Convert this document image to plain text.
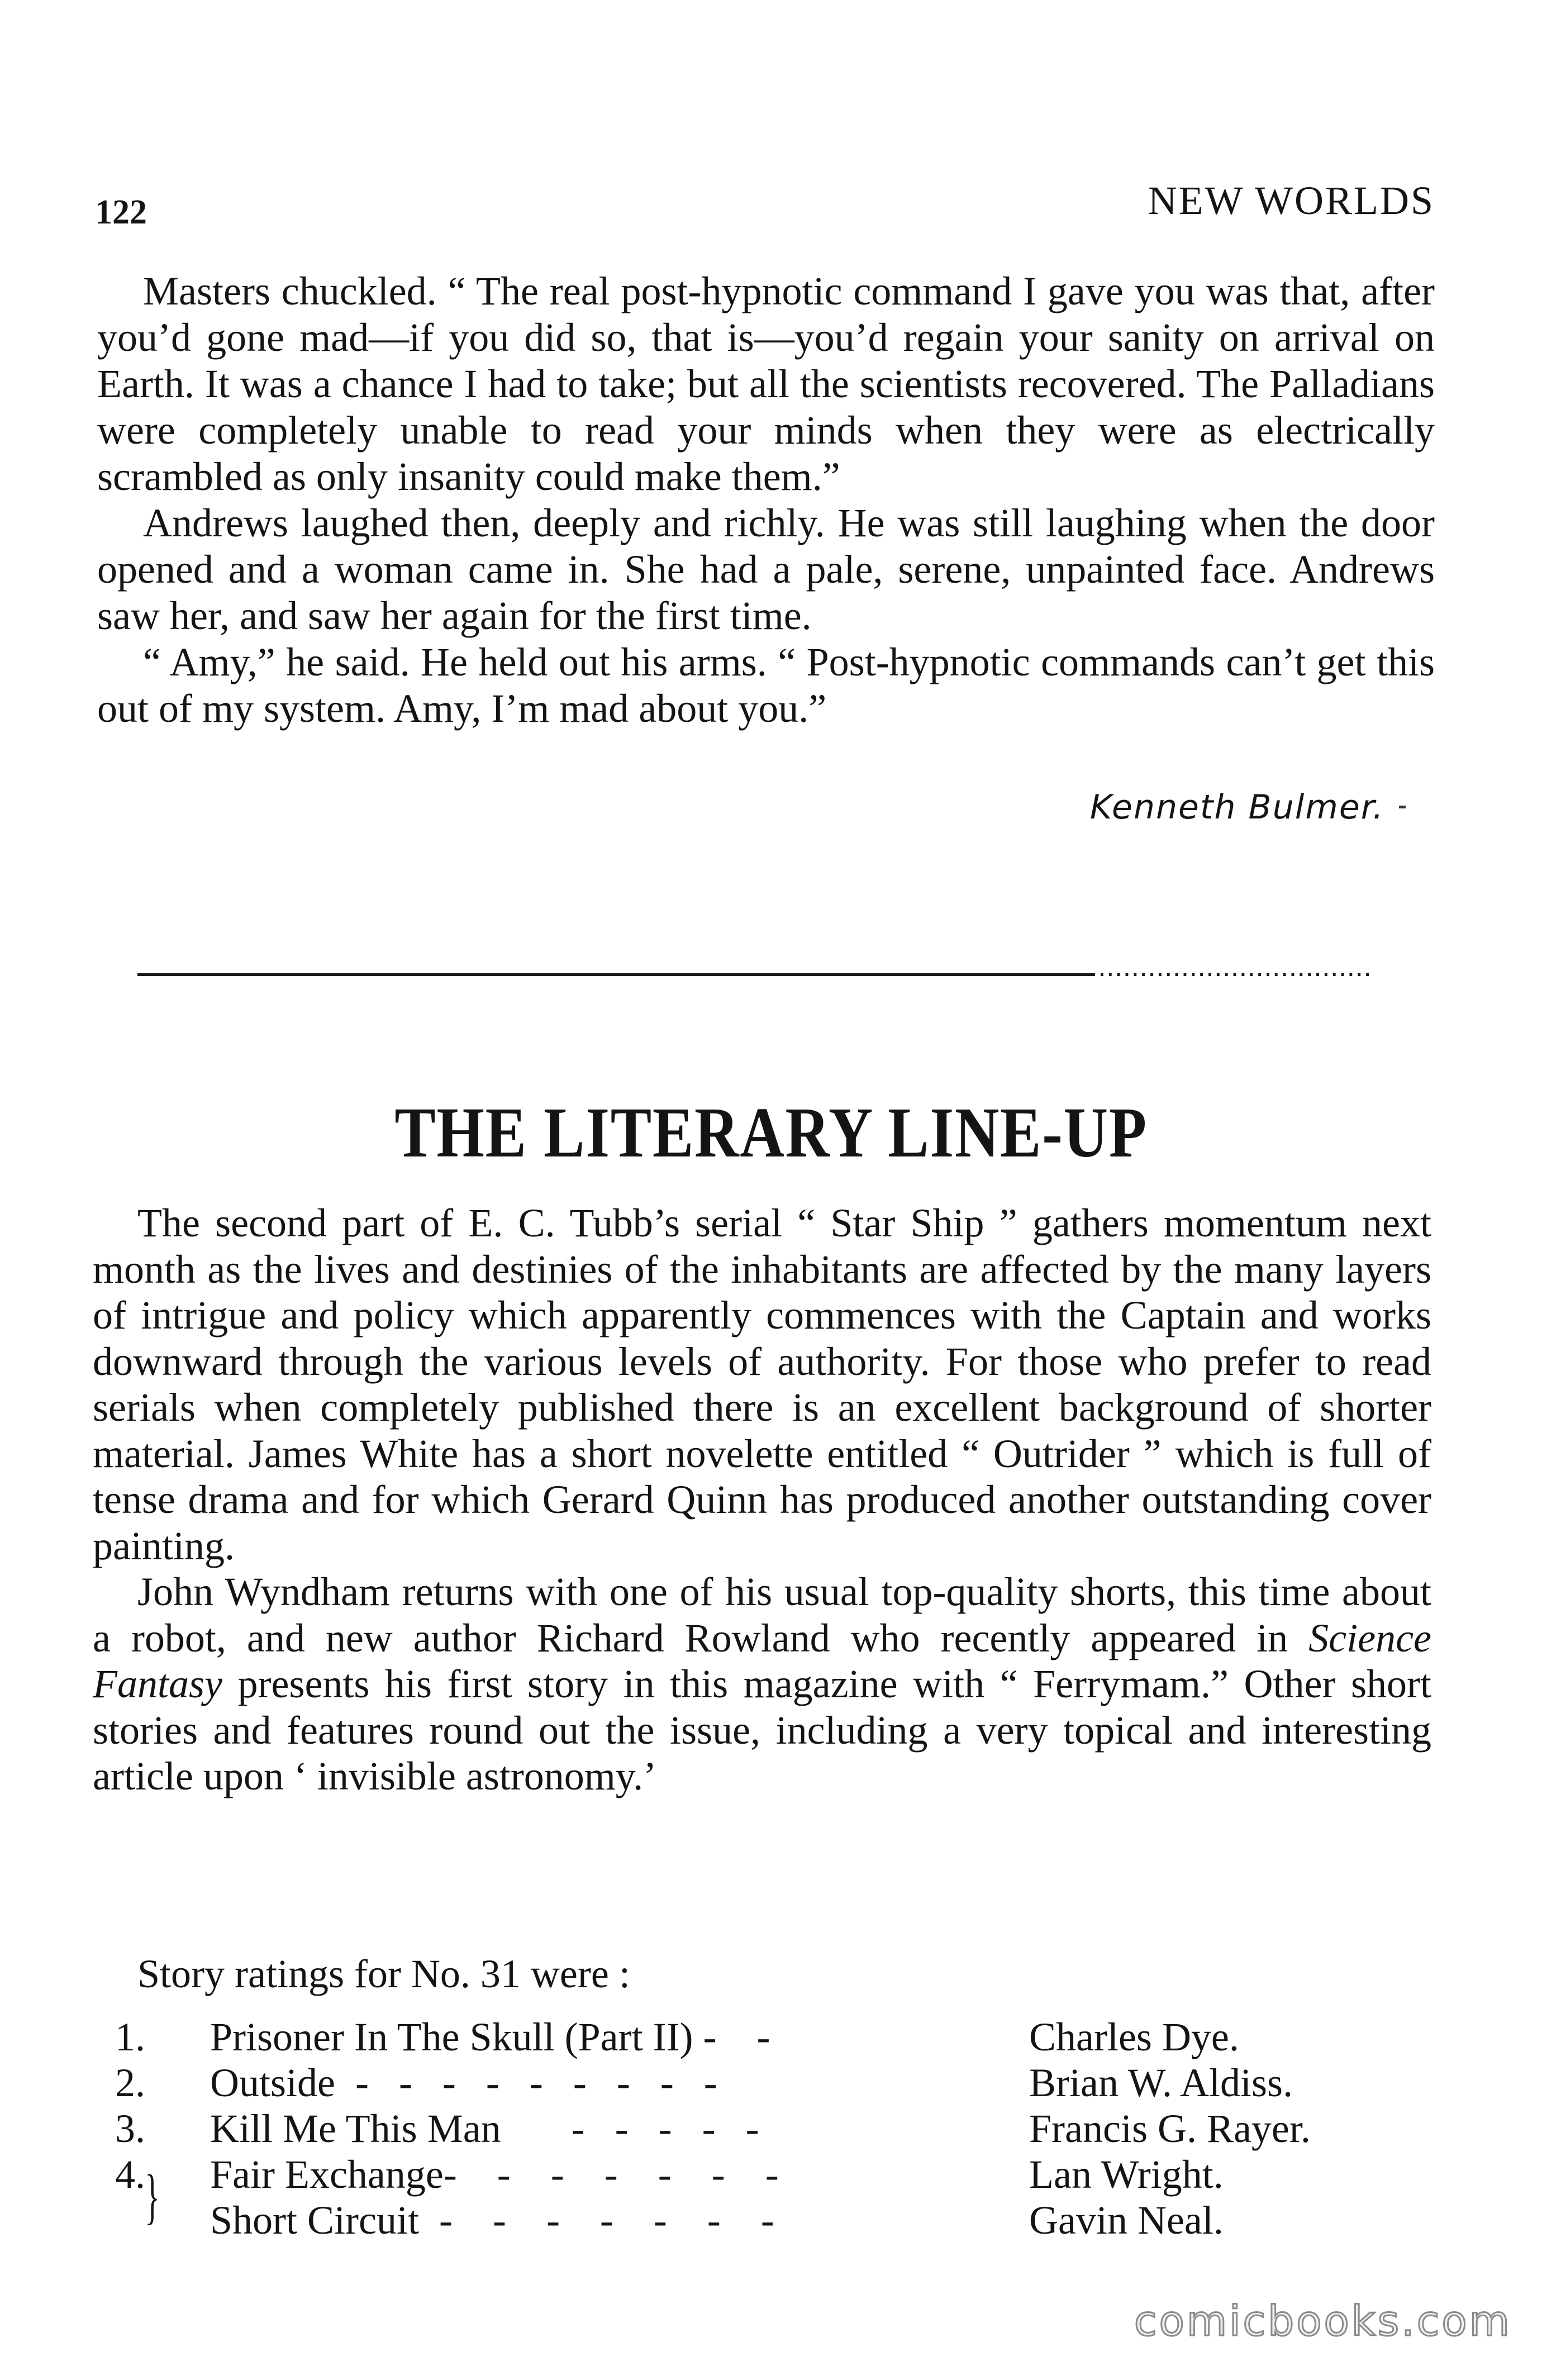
122	NEW WORLDS

Masters chuckled. “ The real post-hypnotic command I gave you was that, after you’d gone mad—if you did so, that is—you’d regain your sanity on arrival on Earth. It was a chance I had to take; but all the scientists recovered. The Palladians were completely unable to read your minds when they were as electrically scrambled as only insanity could make them.”

Andrews laughed then, deeply and richly. He was still laughing when the door opened and a woman came in. She had a pale, serene, unpainted face. Andrews saw her, and saw her again for the first time.

“ Amy,” he said. He held out his arms. “ Post-hypnotic commands can’t get this out of my system. Amy, I’m mad about you.”

Kenneth Bulmer.
THE LITERARY LINE-UP

The second part of E. C. Tubb’s serial “ Star Ship ” gathers momentum next month as the lives and destinies of the inhabitants are affected by the many layers of intrigue and policy which apparently commences with the Captain and works downward through the various levels of authority. For those who prefer to read serials when completely published there is an excellent background of shorter material. James White has a short novelette entitled “ Outrider ” which is full of tense drama and for which Gerard Quinn has produced another outstanding cover painting.

John Wyndham returns with one of his usual top-quality shorts, this time about a robot, and new author Richard Rowland who recently appeared in Science Fantasy presents his first story in this magazine with “ Ferrymam.” Other short stories and features round out the issue, including a very topical and interesting article upon ‘ invisible astronomy.’

Story ratings for No. 31 were :
1. Prisoner In The Skull (Part II) -    -	Charles Dye.
2. Outside  -   -   -   -   -   -   -   -   -	Brian W. Aldiss.
3. Kill Me This Man       -   -   -   -   -	Francis G. Rayer.
4. } Fair Exchange-    -    -    -    -    -    -	Lan Wright.
Short Circuit  -    -    -    -    -    -    -	Gavin Neal.
comicbooks.com
